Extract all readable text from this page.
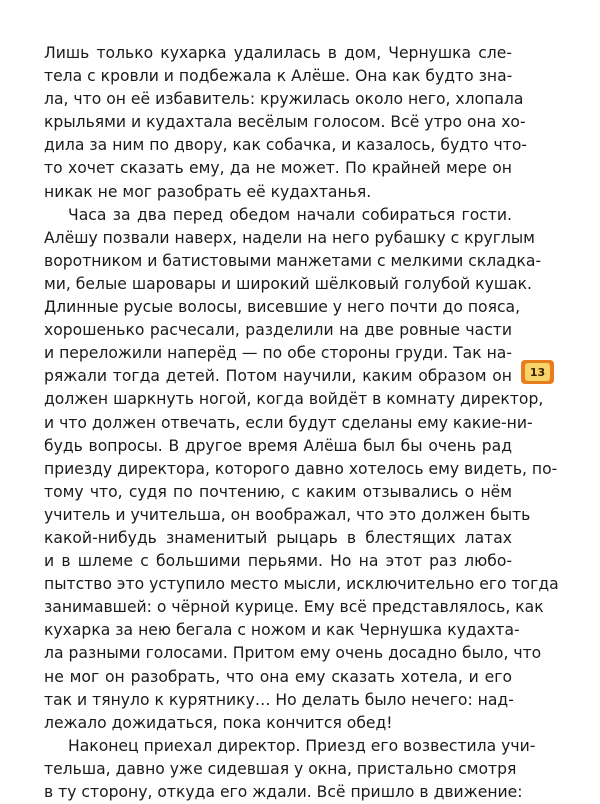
Лишь только кухарка удалилась в дом, Чернушка сле-
тела с кровли и подбежала к Алёше. Она как будто зна-
ла, что он её избавитель: кружилась около него, хлопала
крыльями и кудахтала весёлым голосом. Всё утро она хо-
дила за ним по двору, как собачка, и казалось, будто что-
то хочет сказать ему, да не может. По крайней мере он
никак не мог разобрать её кудахтанья.
Часа за два перед обедом начали собираться гости.
Алёшу позвали наверх, надели на него рубашку с круглым
воротником и батистовыми манжетами с мелкими складка-
ми, белые шаровары и широкий шёлковый голубой кушак.
Длинные русые волосы, висевшие у него почти до пояса,
хорошенько расчесали, разделили на две ровные части
и переложили наперёд — по обе стороны груди. Так на-
ряжали тогда детей. Потом научили, каким образом он
должен шаркнуть ногой, когда войдёт в комнату директор,
и что должен отвечать, если будут сделаны ему какие-ни-
будь вопросы. В другое время Алёша был бы очень рад
приезду директора, которого давно хотелось ему видеть, по-
тому что, судя по почтению, с каким отзывались о нём
учитель и учительша, он воображал, что это должен быть
какой-нибудь знаменитый рыцарь в блестящих латах
и в шлеме с большими перьями. Но на этот раз любо-
пытство это уступило место мысли, исключительно его тогда
занимавшей: о чёрной курице. Ему всё представлялось, как
кухарка за нею бегала с ножом и как Чернушка кудахта-
ла разными голосами. Притом ему очень досадно было, что
не мог он разобрать, что она ему сказать хотела, и его
так и тянуло к курятнику… Но делать было нечего: над-
лежало дожидаться, пока кончится обед!
Наконец приехал директор. Приезд его возвестила учи-
тельша, давно уже сидевшая у окна, пристально смотря
в ту сторону, откуда его ждали. Всё пришло в движение:
13
